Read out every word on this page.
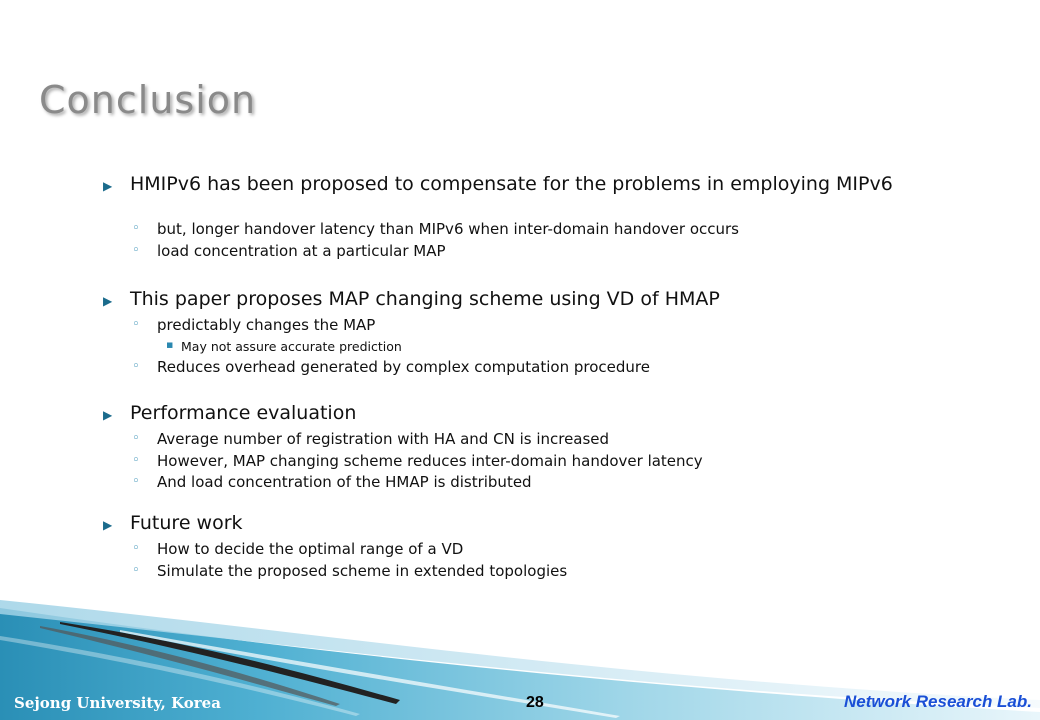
Conclusion
▶ HMIPv6 has been proposed to compensate for the problems in employing MIPv6
◦ but, longer handover latency than MIPv6 when inter-domain handover occurs
◦ load concentration at a particular MAP
▶ This paper proposes MAP changing scheme using VD of HMAP
◦ predictably changes the MAP
▪ May not assure accurate prediction
◦ Reduces overhead generated by complex computation procedure
▶ Performance evaluation
◦ Average number of registration with HA and CN is increased
◦ However, MAP changing scheme reduces inter-domain handover latency
◦ And load concentration of the HMAP is distributed
▶ Future work
◦ How to decide the optimal range of a VD
◦ Simulate the proposed scheme in extended topologies
Sejong University, Korea	28	Network Research Lab.
